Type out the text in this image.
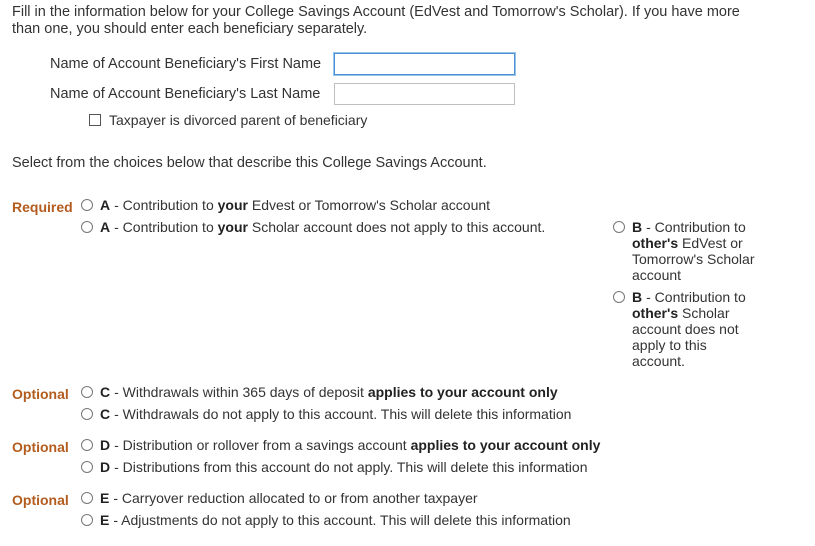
Fill in the information below for your College Savings Account (EdVest and Tomorrow's Scholar). If you have more than one, you should enter each beneficiary separately.
Name of Account Beneficiary's First Name
Name of Account Beneficiary's Last Name
Taxpayer is divorced parent of beneficiary
Select from the choices below that describe this College Savings Account.
Required A - Contribution to your Edvest or Tomorrow's Scholar account
A - Contribution to your Scholar account does not apply to this account.	B - Contribution to other's EdVest or Tomorrow's Scholar account
B - Contribution to other's Scholar account does not apply to this account.
Optional C - Withdrawals within 365 days of deposit applies to your account only
C - Withdrawals do not apply to this account. This will delete this information
Optional D - Distribution or rollover from a savings account applies to your account only
D - Distributions from this account do not apply. This will delete this information
Optional E - Carryover reduction allocated to or from another taxpayer
E - Adjustments do not apply to this account. This will delete this information
